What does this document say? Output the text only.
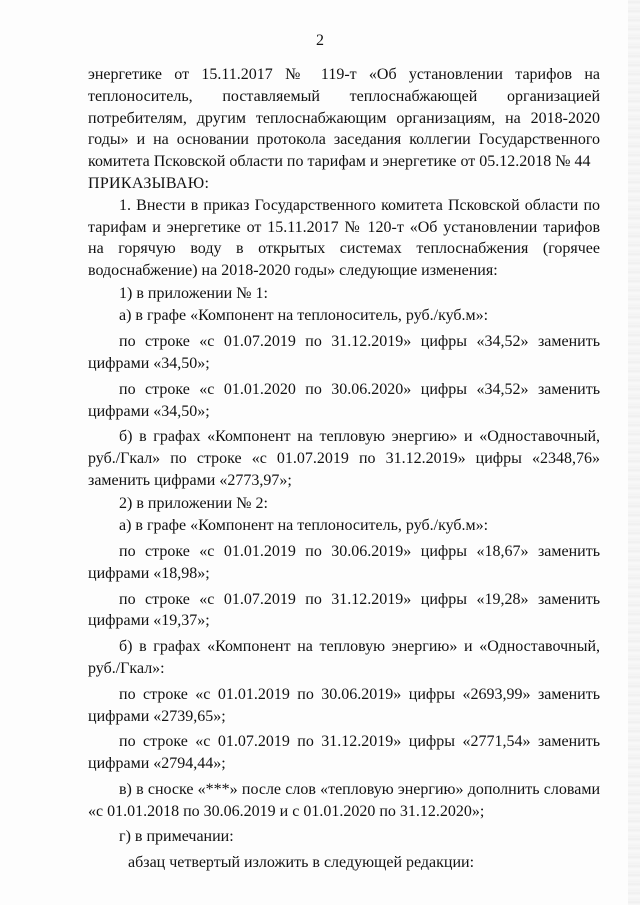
2

энергетике от 15.11.2017 № 119-т «Об установлении тарифов на теплоноситель, поставляемый теплоснабжающей организацией потребителям, другим теплоснабжающим организациям, на 2018-2020 годы» и на основании протокола заседания коллегии Государственного комитета Псковской области по тарифам и энергетике от 05.12.2018 № 44

ПРИКАЗЫВАЮ:

1. Внести в приказ Государственного комитета Псковской области по тарифам и энергетике от 15.11.2017 № 120-т «Об установлении тарифов на горячую воду в открытых системах теплоснабжения (горячее водоснабжение) на 2018-2020 годы» следующие изменения:

1) в приложении № 1:

а) в графе «Компонент на теплоноситель, руб./куб.м»:

по строке «с 01.07.2019 по 31.12.2019» цифры «34,52» заменить цифрами «34,50»;

по строке «с 01.01.2020 по 30.06.2020» цифры «34,52» заменить цифрами «34,50»;

б) в графах «Компонент на тепловую энергию» и «Одноставочный, руб./Гкал» по строке «с 01.07.2019 по 31.12.2019» цифры «2348,76» заменить цифрами «2773,97»;

2) в приложении № 2:

а) в графе «Компонент на теплоноситель, руб./куб.м»:

по строке «с 01.01.2019 по 30.06.2019» цифры «18,67» заменить цифрами «18,98»;

по строке «с 01.07.2019 по 31.12.2019» цифры «19,28» заменить цифрами «19,37»;

б) в графах «Компонент на тепловую энергию» и «Одноставочный, руб./Гкал»:

по строке «с 01.01.2019 по 30.06.2019» цифры «2693,99» заменить цифрами «2739,65»;

по строке «с 01.07.2019 по 31.12.2019» цифры «2771,54» заменить цифрами «2794,44»;

в) в сноске «***» после слов «тепловую энергию» дополнить словами «с 01.01.2018 по 30.06.2019 и с 01.01.2020 по 31.12.2020»;

г) в примечании:

абзац четвертый изложить в следующей редакции:
